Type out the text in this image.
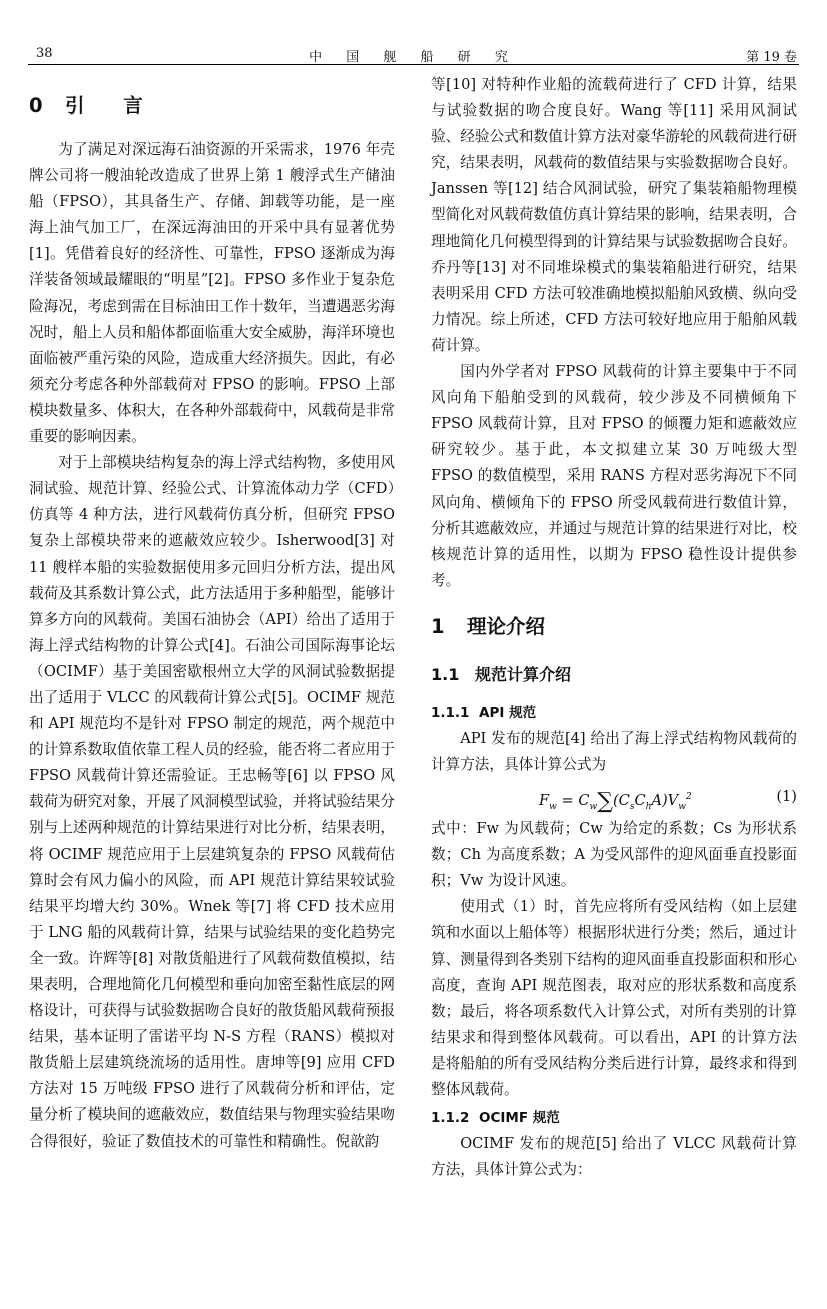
38	中 国 舰 船 研 究	第 19 卷
0 引 言

为了满足对深远海石油资源的开采需求，1976 年壳牌公司将一艘油轮改造成了世界上第 1 艘浮式生产储油船（FPSO），其具备生产、存储、卸载等功能，是一座海上油气加工厂，在深远海油田的开采中具有显著优势[1]。凭借着良好的经济性、可靠性，FPSO 逐渐成为海洋装备领域最耀眼的“明星”[2]。FPSO 多作业于复杂危险海况，考虑到需在目标油田工作十数年，当遭遇恶劣海况时，船上人员和船体都面临重大安全威胁，海洋环境也面临被严重污染的风险，造成重大经济损失。因此，有必须充分考虑各种外部载荷对 FPSO 的影响。FPSO 上部模块数量多、体积大，在各种外部载荷中，风载荷是非常重要的影响因素。

对于上部模块结构复杂的海上浮式结构物，多使用风洞试验、规范计算、经验公式、计算流体动力学（CFD）仿真等 4 种方法，进行风载荷仿真分析，但研究 FPSO 复杂上部模块带来的遮蔽效应较少。Isherwood[3] 对 11 艘样本船的实验数据使用多元回归分析方法，提出风载荷及其系数计算公式，此方法适用于多种船型，能够计算多方向的风载荷。美国石油协会（API）给出了适用于海上浮式结构物的计算公式[4]。石油公司国际海事论坛（OCIMF）基于美国密歇根州立大学的风洞试验数据提出了适用于 VLCC 的风载荷计算公式[5]。OCIMF 规范和 API 规范均不是针对 FPSO 制定的规范，两个规范中的计算系数取值依靠工程人员的经验，能否将二者应用于 FPSO 风载荷计算还需验证。王忠畅等[6] 以 FPSO 风载荷为研究对象，开展了风洞模型试验，并将试验结果分别与上述两种规范的计算结果进行对比分析，结果表明，将 OCIMF 规范应用于上层建筑复杂的 FPSO 风载荷估算时会有风力偏小的风险，而 API 规范计算结果较试验结果平均增大约 30%。Wnek 等[7] 将 CFD 技术应用于 LNG 船的风载荷计算，结果与试验结果的变化趋势完全一致。许辉等[8] 对散货船进行了风载荷数值模拟，结果表明，合理地简化几何模型和垂向加密至黏性底层的网格设计，可获得与试验数据吻合良好的散货船风载荷预报结果，基本证明了雷诺平均 N-S 方程（RANS）模拟对散货船上层建筑绕流场的适用性。唐坤等[9] 应用 CFD 方法对 15 万吨级 FPSO 进行了风载荷分析和评估，定量分析了模块间的遮蔽效应，数值结果与物理实验结果吻合得很好，验证了数值技术的可靠性和精确性。倪歆韵

等[10] 对特种作业船的流载荷进行了 CFD 计算，结果与试验数据的吻合度良好。Wang 等[11] 采用风洞试验、经验公式和数值计算方法对豪华游轮的风载荷进行研究，结果表明，风载荷的数值结果与实验数据吻合良好。Janssen 等[12] 结合风洞试验，研究了集装箱船物理模型简化对风载荷数值仿真计算结果的影响，结果表明，合理地简化几何模型得到的计算结果与试验数据吻合良好。乔丹等[13] 对不同堆垛模式的集装箱船进行研究，结果表明采用 CFD 方法可较准确地模拟船舶风致横、纵向受力情况。综上所述，CFD 方法可较好地应用于船舶风载荷计算。

国内外学者对 FPSO 风载荷的计算主要集中于不同风向角下船舶受到的风载荷，较少涉及不同横倾角下 FPSO 风载荷计算，且对 FPSO 的倾覆力矩和遮蔽效应研究较少。基于此，本文拟建立某 30 万吨级大型 FPSO 的数值模型，采用 RANS 方程对恶劣海况下不同风向角、横倾角下的 FPSO 所受风载荷进行数值计算，分析其遮蔽效应，并通过与规范计算的结果进行对比，校核规范计算的适用性，以期为 FPSO 稳性设计提供参考。

1 理论介绍
1.1 规范计算介绍
1.1.1 API 规范

API 发布的规范[4] 给出了海上浮式结构物风载荷的计算方法，具体计算公式为

$F_w = C_w\sum(C_sC_hA)V_w^2$	(1)

式中：Fw 为风载荷；Cw 为给定的系数；Cs 为形状系数；Ch 为高度系数；A 为受风部件的迎风面垂直投影面积；Vw 为设计风速。

使用式（1）时，首先应将所有受风结构（如上层建筑和水面以上船体等）根据形状进行分类；然后，通过计算、测量得到各类别下结构的迎风面垂直投影面积和形心高度，查询 API 规范图表，取对应的形状系数和高度系数；最后，将各项系数代入计算公式，对所有类别的计算结果求和得到整体风载荷。可以看出，API 的计算方法是将船舶的所有受风结构分类后进行计算，最终求和得到整体风载荷。

1.1.2 OCIMF 规范

OCIMF 发布的规范[5] 给出了 VLCC 风载荷计算方法，具体计算公式为：
